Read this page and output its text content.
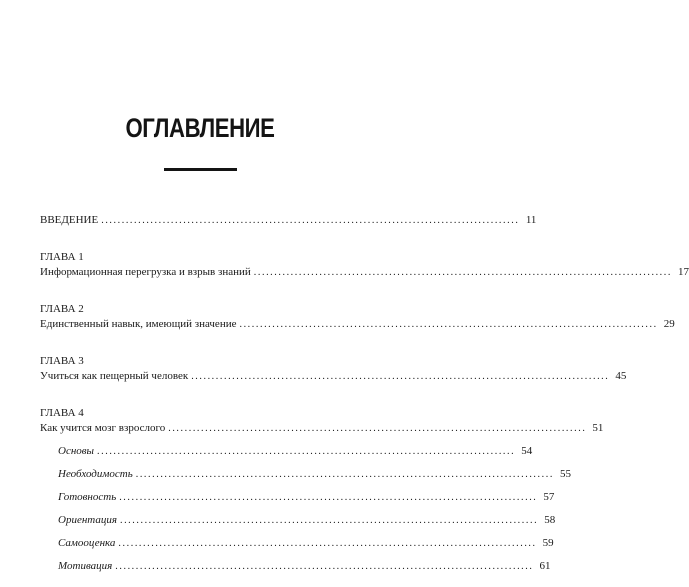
ОГЛАВЛЕНИЕ
ВВЕДЕНИЕ ...................................................................................................... 11
ГЛАВА 1
Информационная перегрузка и взрыв знаний ...................................................................................................... 17
ГЛАВА 2
Единственный навык, имеющий значение ...................................................................................................... 29
ГЛАВА 3
Учиться как пещерный человек ...................................................................................................... 45
ГЛАВА 4
Как учится мозг взрослого ...................................................................................................... 51
Основы ...................................................................................................... 54
Необходимость ...................................................................................................... 55
Готовность ...................................................................................................... 57
Ориентация ...................................................................................................... 58
Самооценка ...................................................................................................... 59
Мотивация ...................................................................................................... 61
